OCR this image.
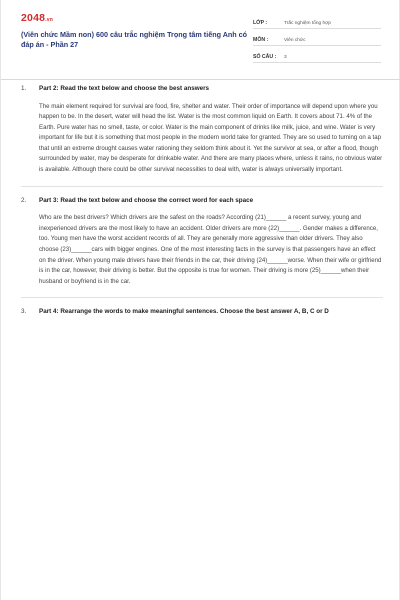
2048.vn
(Viên chức Mầm non) 600 câu trắc nghiệm Trọng tâm tiếng Anh có đáp án - Phần 27
LỚP :	Trắc nghiệm tổng hợp
MÔN :	Viên chức
SỐ CÂU : 3
1. Part 2: Read the text below and choose the best answers
The main element required for survival are food, fire, shelter and water. Their order of importance will depend upon where you happen to be. In the desert, water will head the list. Water is the most common liquid on Earth. It covers about 71. 4% of the Earth. Pure water has no smell, taste, or color. Water is the main component of drinks like milk, juice, and wine. Water is very important for life but it is something that most people in the modern world take for granted. They are so used to turning on a tap that until an extreme drought causes water rationing they seldom think about it. Yet the survivor at sea, or after a flood, though surrounded by water, may be desperate for drinkable water. And there are many places where, unless it rains, no obvious water is available. Although there could be other survival necessities to deal with, water is always universally important.
2. Part 3: Read the text below and choose the correct word for each space
Who are the best drivers? Which drivers are the safest on the roads? According (21)______ a recent survey, young and inexperienced drivers are the most likely to have an accident. Older drivers are more (22)______. Gender makes a difference, too. Young men have the worst accident records of all. They are generally more aggressive than older drivers. They also choose (23)______cars with bigger engines. One of the most interesting facts in the survey is that passengers have an effect on the driver. When young male drivers have their friends in the car, their driving (24)______worse. When their wife or girlfriend is in the car, however, their driving is better. But the opposite is true for women. Their driving is more (25)______when their husband or boyfriend is in the car.
3. Part 4: Rearrange the words to make meaningful sentences. Choose the best answer A, B, C or D
